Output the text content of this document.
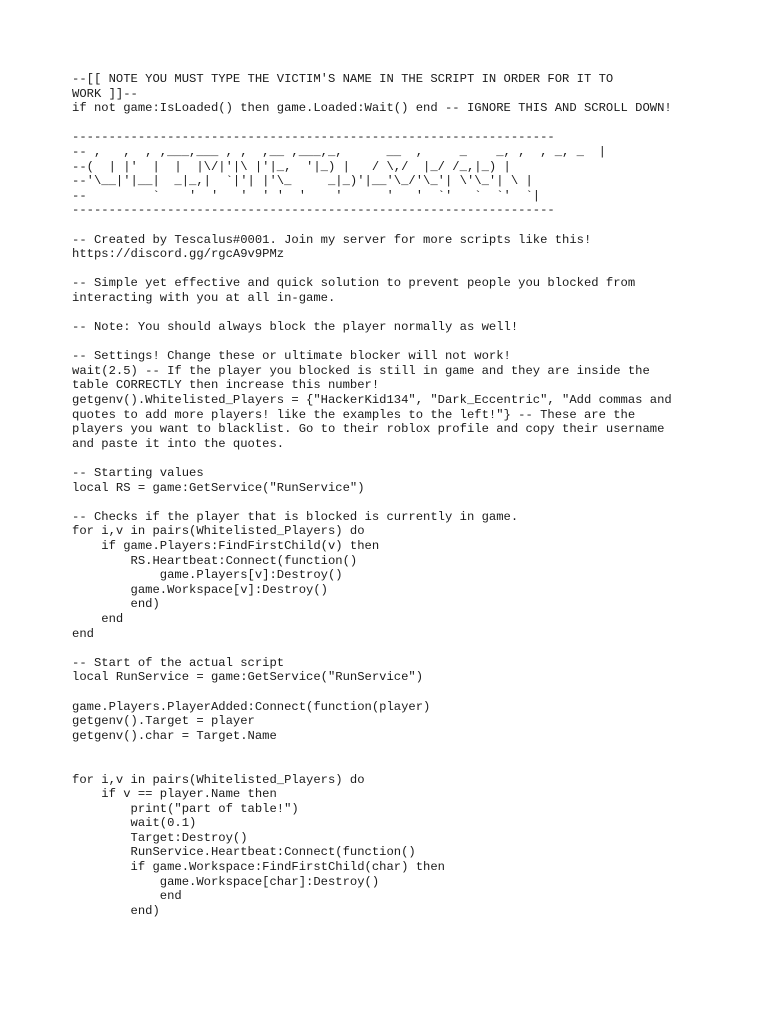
--[[ NOTE YOU MUST TYPE THE VICTIM'S NAME IN THE SCRIPT IN ORDER FOR IT TO
WORK ]]--
if not game:IsLoaded() then game.Loaded:Wait() end -- IGNORE THIS AND SCROLL DOWN!
------------------------------------------------------------------
-- ,   ,  , ,___,___ , ,  ,__ ,___,_,      __  ,     _    _, ,  , _, _  |
--(  | |'  |  |  |\/|'|\ |'|_,  '|_) |   / \,/  |_/ /_,|_) |
--'\__|'|__|  _|_,|  `|'| |'\_     _|_)'|__'\_/'\_'| \'\_'| \ |
--         `    '  '   '  ' '  '    '      '   '  `'   `  `'  `|
------------------------------------------------------------------
-- Created by Tescalus#0001. Join my server for more scripts like this!
https://discord.gg/rgcA9v9PMz
-- Simple yet effective and quick solution to prevent people you blocked from
interacting with you at all in-game.
-- Note: You should always block the player normally as well!
-- Settings! Change these or ultimate blocker will not work!
wait(2.5) -- If the player you blocked is still in game and they are inside the
table CORRECTLY then increase this number!
getgenv().Whitelisted_Players = {"HackerKid134", "Dark_Eccentric", "Add commas and
quotes to add more players! like the examples to the left!"} -- These are the
players you want to blacklist. Go to their roblox profile and copy their username
and paste it into the quotes.
-- Starting values
local RS = game:GetService("RunService")
-- Checks if the player that is blocked is currently in game.
for i,v in pairs(Whitelisted_Players) do
if game.Players:FindFirstChild(v) then
RS.Heartbeat:Connect(function()
game.Players[v]:Destroy()
game.Workspace[v]:Destroy()
end)
end
end
-- Start of the actual script
local RunService = game:GetService("RunService")
game.Players.PlayerAdded:Connect(function(player)
getgenv().Target = player
getgenv().char = Target.Name
for i,v in pairs(Whitelisted_Players) do
if v == player.Name then
print("part of table!")
wait(0.1)
Target:Destroy()
RunService.Heartbeat:Connect(function()
if game.Workspace:FindFirstChild(char) then
game.Workspace[char]:Destroy()
end
end)
